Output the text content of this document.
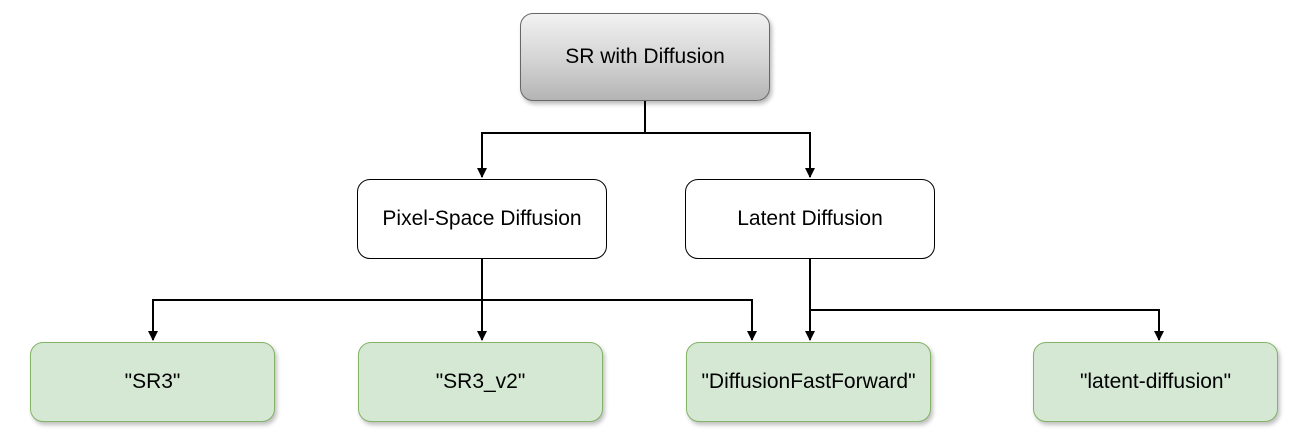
SR with Diffusion
Pixel-Space Diffusion	Latent Diffusion
"SR3"	"SR3_v2"	"DiffusionFastForward"	"latent-diffusion"
